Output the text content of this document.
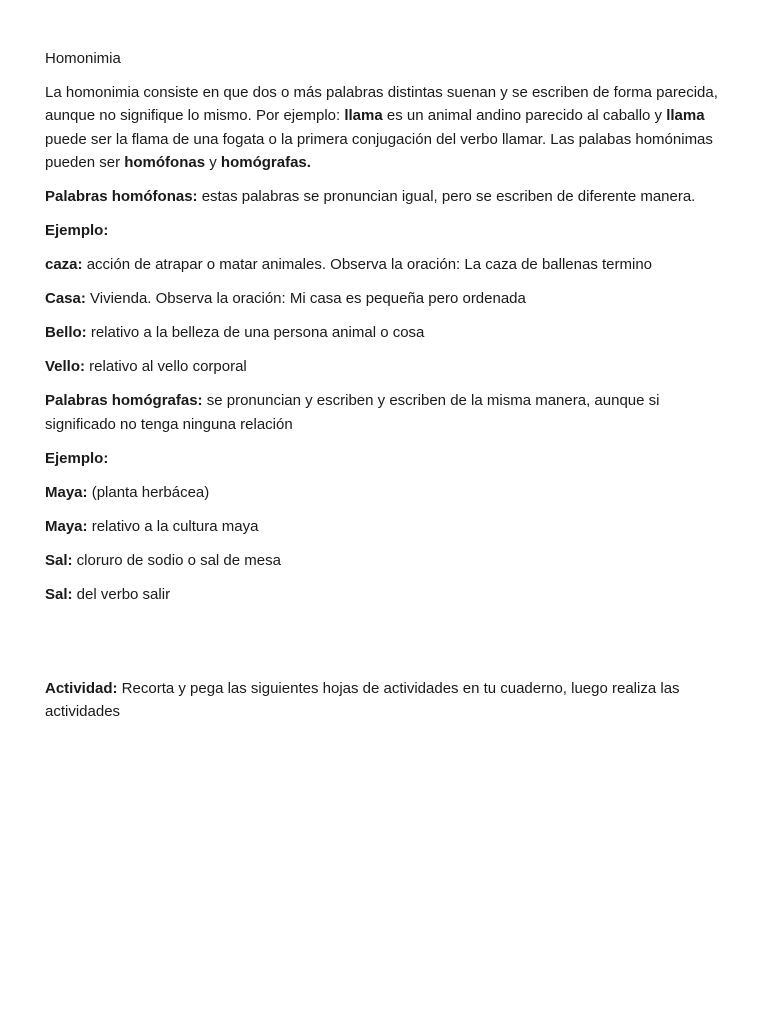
Homonimia

La homonimia consiste en que dos o más palabras distintas suenan y se escriben de forma parecida, aunque no signifique lo mismo. Por ejemplo: llama es un animal andino parecido al caballo y llama puede ser la flama de una fogata o la primera conjugación del verbo llamar. Las palabas homónimas pueden ser homófonas y homógrafas.

Palabras homófonas: estas palabras se pronuncian igual, pero se escriben de diferente manera.

Ejemplo:

caza: acción de atrapar o matar animales. Observa la oración: La caza de ballenas termino

Casa: Vivienda. Observa la oración: Mi casa es pequeña pero ordenada

Bello: relativo a la belleza de una persona animal o cosa

Vello: relativo al vello corporal

Palabras homógrafas: se pronuncian y escriben y escriben de la misma manera, aunque si significado no tenga ninguna relación

Ejemplo:

Maya: (planta herbácea)

Maya: relativo a la cultura maya

Sal: cloruro de sodio o sal de mesa

Sal: del verbo salir

Actividad: Recorta y pega las siguientes hojas de actividades en tu cuaderno, luego realiza las actividades
